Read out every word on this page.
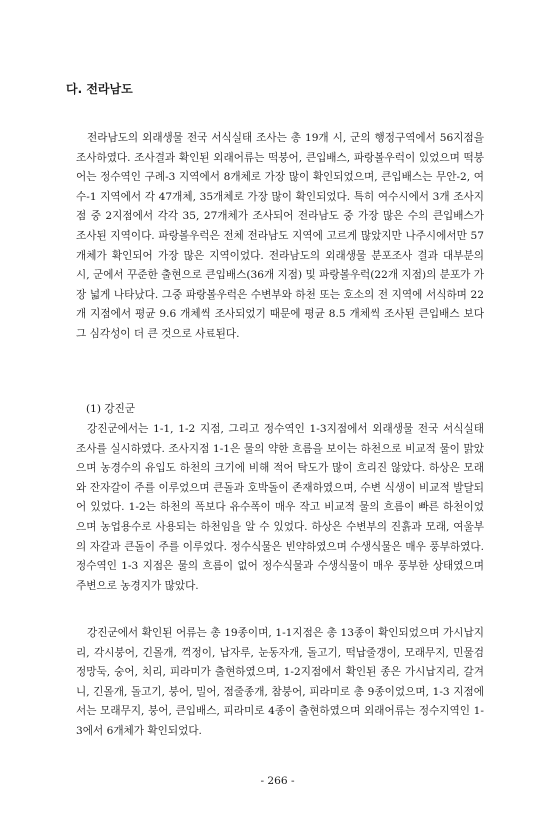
다. 전라남도

전라남도의 외래생물 전국 서식실태 조사는 총 19개 시, 군의 행정구역에서 56지점을 조사하였다. 조사결과 확인된 외래어류는 떡붕어, 큰입배스, 파랑볼우럭이 있었으며 떡붕어는 정수역인 구례-3 지역에서 8개체로 가장 많이 확인되었으며, 큰입배스는 무안-2, 여수-1 지역에서 각 47개체, 35개체로 가장 많이 확인되었다. 특히 여수시에서 3개 조사지점 중 2지점에서 각각 35, 27개체가 조사되어 전라남도 중 가장 많은 수의 큰입배스가 조사된 지역이다. 파랑볼우럭은 전체 전라남도 지역에 고르게 많았지만 나주시에서만 57개체가 확인되어 가장 많은 지역이었다. 전라남도의 외래생물 분포조사 결과 대부분의 시, 군에서 꾸준한 출현으로 큰입배스(36개 지점) 및 파랑볼우럭(22개 지점)의 분포가 가장 넓게 나타났다. 그중 파랑볼우럭은 수변부와 하천 또는 호소의 전 지역에 서식하며 22개 지점에서 평균 9.6 개체씩 조사되었기 때문에 평균 8.5 개체씩 조사된 큰입배스 보다 그 심각성이 더 큰 것으로 사료된다.

(1) 강진군

강진군에서는 1-1, 1-2 지점, 그리고 정수역인 1-3지점에서 외래생물 전국 서식실태 조사를 실시하였다. 조사지점 1-1은 물의 약한 흐름을 보이는 하천으로 비교적 물이 맑았으며 농경수의 유입도 하천의 크기에 비해 적어 탁도가 많이 흐리진 않았다. 하상은 모래와 잔자갈이 주를 이루었으며 큰돌과 호박돌이 존재하였으며, 수변 식생이 비교적 발달되어 있었다. 1-2는 하천의 폭보다 유수폭이 매우 작고 비교적 물의 흐름이 빠른 하천이었으며 농업용수로 사용되는 하천임을 알 수 있었다. 하상은 수변부의 진흙과 모래, 여울부의 자갈과 큰돌이 주를 이루었다. 정수식물은 빈약하였으며 수생식물은 매우 풍부하였다. 정수역인 1-3 지점은 물의 흐름이 없어 정수식물과 수생식물이 매우 풍부한 상태였으며 주변으로 농경지가 많았다.

강진군에서 확인된 어류는 총 19종이며, 1-1지점은 총 13종이 확인되었으며 가시납지리, 각시붕어, 긴몰개, 꺽정이, 납자루, 눈동자개, 돌고기, 떡납줄갱이, 모래무지, 민물검정망둑, 숭어, 치리, 피라미가 출현하였으며, 1-2지점에서 확인된 종은 가시납지리, 갈겨니, 긴몰개, 돌고기, 붕어, 밀어, 점줄종개, 참붕어, 피라미로 총 9종이었으며, 1-3 지점에서는 모래무지, 붕어, 큰입배스, 피라미로 4종이 출현하였으며 외래어류는 정수지역인 1-3에서 6개체가 확인되었다.

- 266 -
